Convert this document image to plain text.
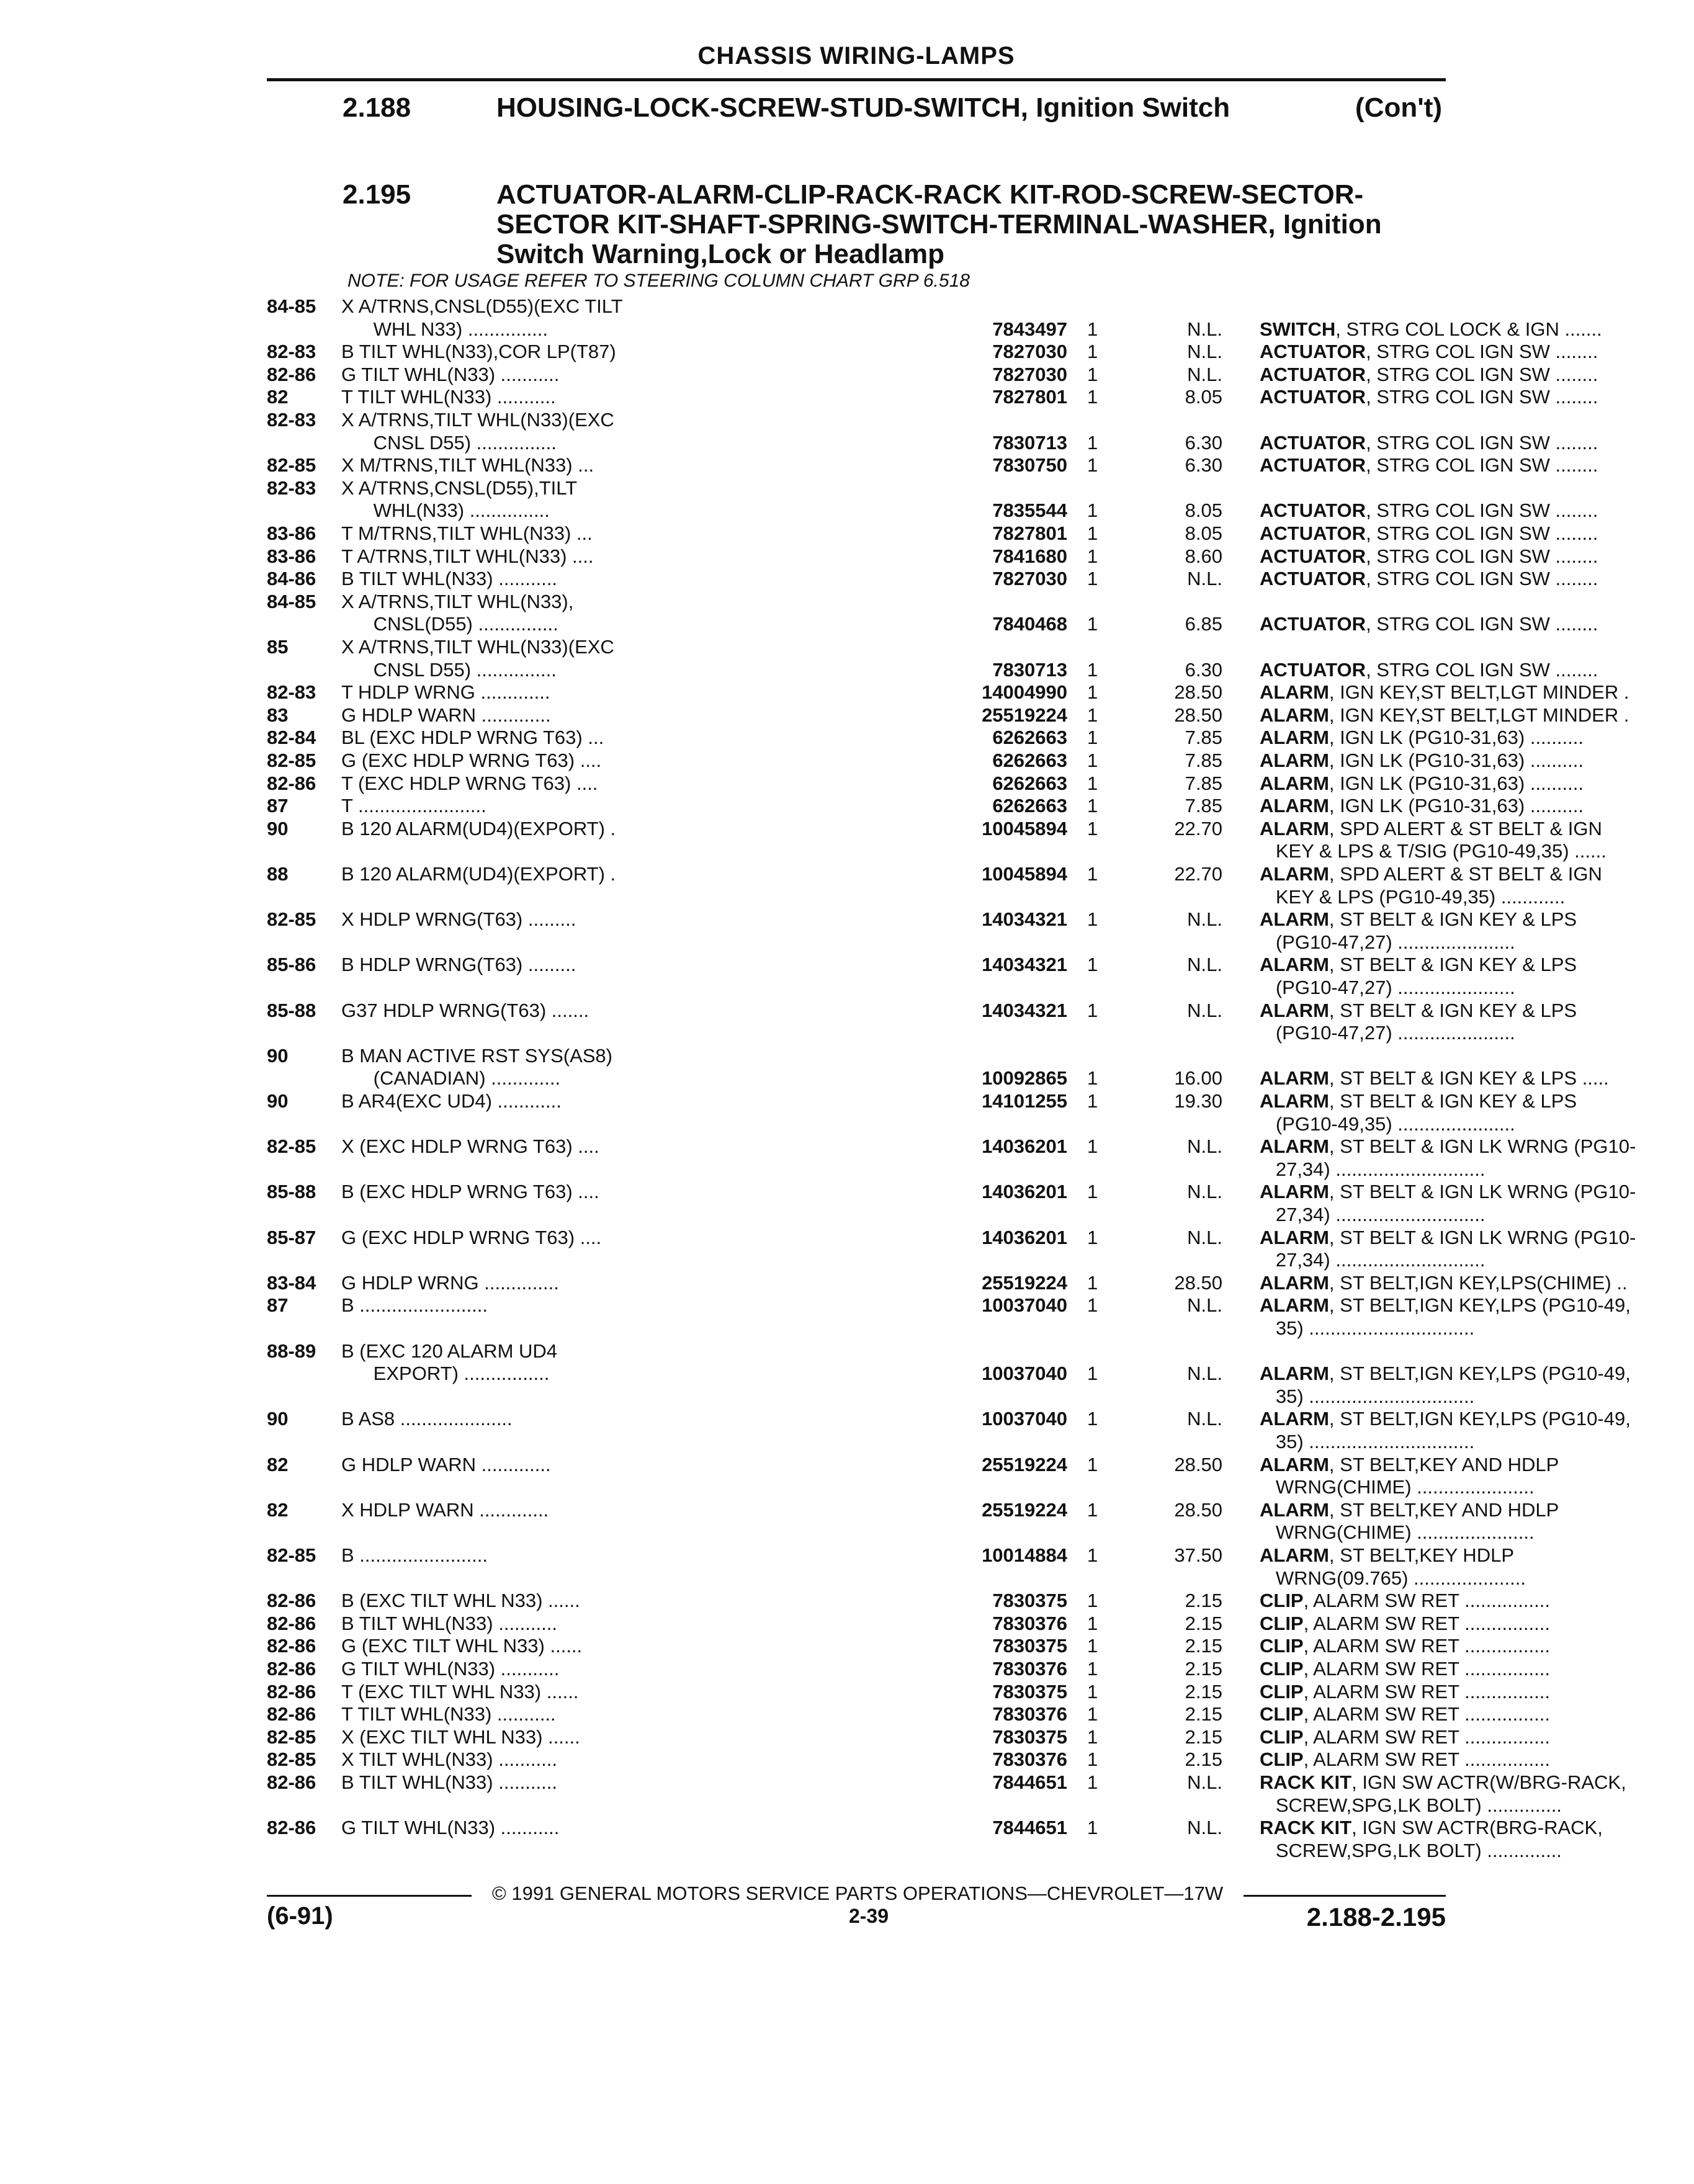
CHASSIS WIRING-LAMPS
2.188	HOUSING-LOCK-SCREW-STUD-SWITCH, Ignition Switch	(Con't)
2.195	ACTUATOR-ALARM-CLIP-RACK-RACK KIT-ROD-SCREW-SECTOR-SECTOR KIT-SHAFT-SPRING-SWITCH-TERMINAL-WASHER, Ignition Switch Warning,Lock or Headlamp
NOTE: FOR USAGE REFER TO STEERING COLUMN CHART GRP 6.518
84-85 X A/TRNS,CNSL(D55)(EXC TILT
WHL N33) ...............	7843497 1	N.L. SWITCH, STRG COL LOCK & IGN .......
82-83 B TILT WHL(N33),COR LP(T87)	7827030 1	N.L. ACTUATOR, STRG COL IGN SW ........
82-86 G TILT WHL(N33) ...........	7827030 1	N.L. ACTUATOR, STRG COL IGN SW ........
82	T TILT WHL(N33) ...........	7827801 1	8.05 ACTUATOR, STRG COL IGN SW ........
82-83 X A/TRNS,TILT WHL(N33)(EXC
CNSL D55) ...............	7830713 1	6.30 ACTUATOR, STRG COL IGN SW ........
82-85 X M/TRNS,TILT WHL(N33) ...	7830750 1	6.30 ACTUATOR, STRG COL IGN SW ........
82-83 X A/TRNS,CNSL(D55),TILT
WHL(N33) ...............	7835544 1	8.05 ACTUATOR, STRG COL IGN SW ........
83-86 T M/TRNS,TILT WHL(N33) ...	7827801 1	8.05 ACTUATOR, STRG COL IGN SW ........
83-86 T A/TRNS,TILT WHL(N33) ....	7841680 1	8.60 ACTUATOR, STRG COL IGN SW ........
84-86 B TILT WHL(N33) ...........	7827030 1	N.L. ACTUATOR, STRG COL IGN SW ........
84-85 X A/TRNS,TILT WHL(N33),
CNSL(D55) ...............	7840468 1	6.85 ACTUATOR, STRG COL IGN SW ........
85	X A/TRNS,TILT WHL(N33)(EXC
CNSL D55) ...............	7830713 1	6.30 ACTUATOR, STRG COL IGN SW ........
82-83 T HDLP WRNG .............	14004990 1	28.50 ALARM, IGN KEY,ST BELT,LGT MINDER .
83	G HDLP WARN .............	25519224 1	28.50 ALARM, IGN KEY,ST BELT,LGT MINDER .
82-84 BL (EXC HDLP WRNG T63) ...	6262663 1	7.85 ALARM, IGN LK (PG10-31,63) ..........
82-85 G (EXC HDLP WRNG T63) ....	6262663 1	7.85 ALARM, IGN LK (PG10-31,63) ..........
82-86 T (EXC HDLP WRNG T63) ....	6262663 1	7.85 ALARM, IGN LK (PG10-31,63) ..........
87	T ........................	6262663 1	7.85 ALARM, IGN LK (PG10-31,63) ..........
90	B 120 ALARM(UD4)(EXPORT) .	10045894 1	22.70 ALARM, SPD ALERT & ST BELT & IGN
KEY & LPS & T/SIG (PG10-49,35) ......
88	B 120 ALARM(UD4)(EXPORT) .	10045894 1	22.70 ALARM, SPD ALERT & ST BELT & IGN
KEY & LPS (PG10-49,35) ............
82-85 X HDLP WRNG(T63) .........	14034321 1	N.L. ALARM, ST BELT & IGN KEY & LPS
(PG10-47,27) ......................
85-86 B HDLP WRNG(T63) .........	14034321 1	N.L. ALARM, ST BELT & IGN KEY & LPS
(PG10-47,27) ......................
85-88 G37 HDLP WRNG(T63) .......	14034321 1	N.L. ALARM, ST BELT & IGN KEY & LPS
(PG10-47,27) ......................
90	B MAN ACTIVE RST SYS(AS8)
(CANADIAN) .............	10092865 1	16.00 ALARM, ST BELT & IGN KEY & LPS .....
90	B AR4(EXC UD4) ............	14101255 1	19.30 ALARM, ST BELT & IGN KEY & LPS
(PG10-49,35) ......................
82-85 X (EXC HDLP WRNG T63) ....	14036201 1	N.L. ALARM, ST BELT & IGN LK WRNG (PG10-
27,34) ............................
85-88 B (EXC HDLP WRNG T63) ....	14036201 1	N.L. ALARM, ST BELT & IGN LK WRNG (PG10-
27,34) ............................
85-87 G (EXC HDLP WRNG T63) ....	14036201 1	N.L. ALARM, ST BELT & IGN LK WRNG (PG10-
27,34) ............................
83-84 G HDLP WRNG ..............	25519224 1	28.50 ALARM, ST BELT,IGN KEY,LPS(CHIME) ..
87	B ........................	10037040 1	N.L. ALARM, ST BELT,IGN KEY,LPS (PG10-49,
35) ...............................
88-89 B (EXC 120 ALARM UD4
EXPORT) ................	10037040 1	N.L. ALARM, ST BELT,IGN KEY,LPS (PG10-49,
35) ...............................
90	B AS8 .....................	10037040 1	N.L. ALARM, ST BELT,IGN KEY,LPS (PG10-49,
35) ...............................
82	G HDLP WARN .............	25519224 1	28.50 ALARM, ST BELT,KEY AND HDLP
WRNG(CHIME) ......................
82	X HDLP WARN .............	25519224 1	28.50 ALARM, ST BELT,KEY AND HDLP
WRNG(CHIME) ......................
82-85 B ........................	10014884 1	37.50 ALARM, ST BELT,KEY HDLP
WRNG(09.765) .....................
82-86 B (EXC TILT WHL N33) ......	7830375 1	2.15 CLIP, ALARM SW RET ................
82-86 B TILT WHL(N33) ...........	7830376 1	2.15 CLIP, ALARM SW RET ................
82-86 G (EXC TILT WHL N33) ......	7830375 1	2.15 CLIP, ALARM SW RET ................
82-86 G TILT WHL(N33) ...........	7830376 1	2.15 CLIP, ALARM SW RET ................
82-86 T (EXC TILT WHL N33) ......	7830375 1	2.15 CLIP, ALARM SW RET ................
82-86 T TILT WHL(N33) ...........	7830376 1	2.15 CLIP, ALARM SW RET ................
82-85 X (EXC TILT WHL N33) ......	7830375 1	2.15 CLIP, ALARM SW RET ................
82-85 X TILT WHL(N33) ...........	7830376 1	2.15 CLIP, ALARM SW RET ................
82-86 B TILT WHL(N33) ...........	7844651 1	N.L. RACK KIT, IGN SW ACTR(W/BRG-RACK,
SCREW,SPG,LK BOLT) ..............
82-86 G TILT WHL(N33) ...........	7844651 1	N.L. RACK KIT, IGN SW ACTR(BRG-RACK,
SCREW,SPG,LK BOLT) ..............
© 1991 GENERAL MOTORS SERVICE PARTS OPERATIONS—CHEVROLET—17W
(6-91)	2-39	2.188-2.195
